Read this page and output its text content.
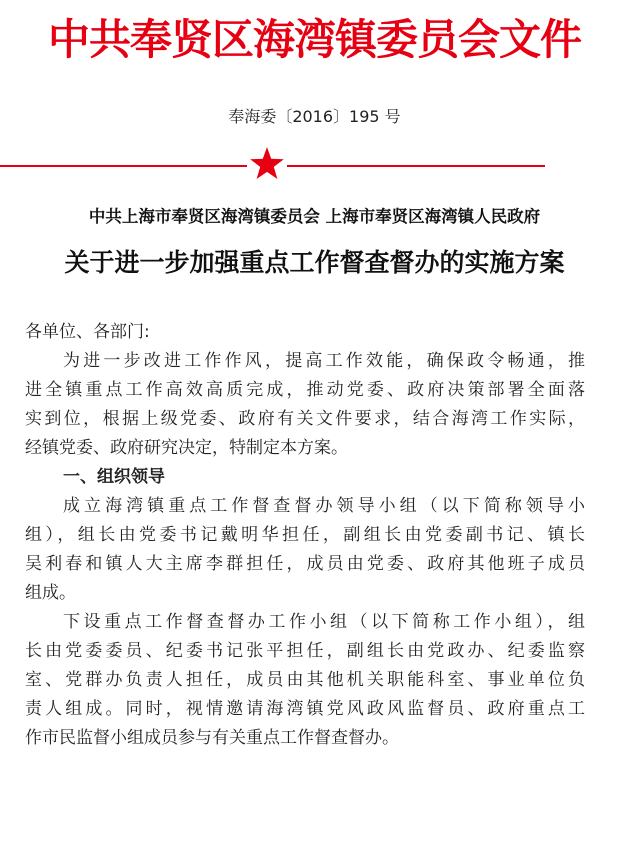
中共奉贤区海湾镇委员会文件
奉海委〔2016〕195 号
中共上海市奉贤区海湾镇委员会 上海市奉贤区海湾镇人民政府
关于进一步加强重点工作督查督办的实施方案
各单位、各部门:
为进一步改进工作作风，提高工作效能，确保政令畅通，推
进全镇重点工作高效高质完成，推动党委、政府决策部署全面落
实到位，根据上级党委、政府有关文件要求，结合海湾工作实际，
经镇党委、政府研究决定，特制定本方案。
一、组织领导
成立海湾镇重点工作督查督办领导小组（以下简称领导小
组），组长由党委书记戴明华担任，副组长由党委副书记、镇长
吴利春和镇人大主席李群担任，成员由党委、政府其他班子成员
组成。
下设重点工作督查督办工作小组（以下简称工作小组），组
长由党委委员、纪委书记张平担任，副组长由党政办、纪委监察
室、党群办负责人担任，成员由其他机关职能科室、事业单位负
责人组成。同时，视情邀请海湾镇党风政风监督员、政府重点工
作市民监督小组成员参与有关重点工作督查督办。
